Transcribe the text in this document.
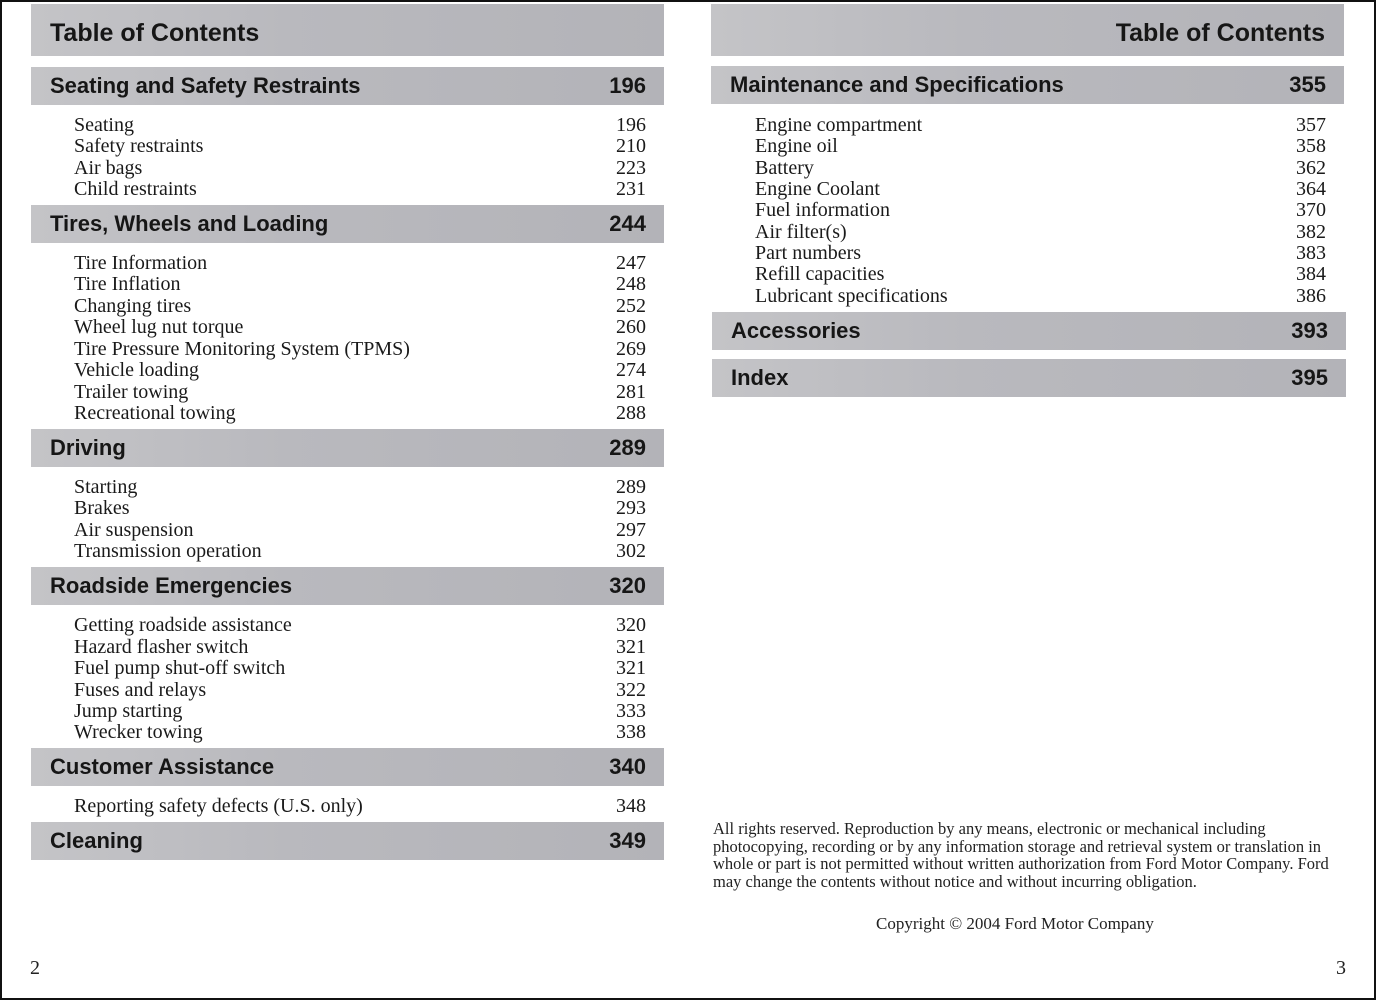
Table of Contents
Seating and Safety Restraints	196
Seating	196
Safety restraints	210
Air bags	223
Child restraints	231
Tires, Wheels and Loading	244
Tire Information	247
Tire Inflation	248
Changing tires	252
Wheel lug nut torque	260
Tire Pressure Monitoring System (TPMS)	269
Vehicle loading	274
Trailer towing	281
Recreational towing	288
Driving	289
Starting	289
Brakes	293
Air suspension	297
Transmission operation	302
Roadside Emergencies	320
Getting roadside assistance	320
Hazard flasher switch	321
Fuel pump shut-off switch	321
Fuses and relays	322
Jump starting	333
Wrecker towing	338
Customer Assistance	340
Reporting safety defects (U.S. only)	348
Cleaning	349
2
Table of Contents
Maintenance and Specifications	355
Engine compartment	357
Engine oil	358
Battery	362
Engine Coolant	364
Fuel information	370
Air filter(s)	382
Part numbers	383
Refill capacities	384
Lubricant specifications	386
Accessories	393
Index	395
3
All rights reserved. Reproduction by any means, electronic or mechanical including photocopying, recording or by any information storage and retrieval system or translation in whole or part is not permitted without written authorization from Ford Motor Company. Ford may change the contents without notice and without incurring obligation.
Copyright © 2004 Ford Motor Company
